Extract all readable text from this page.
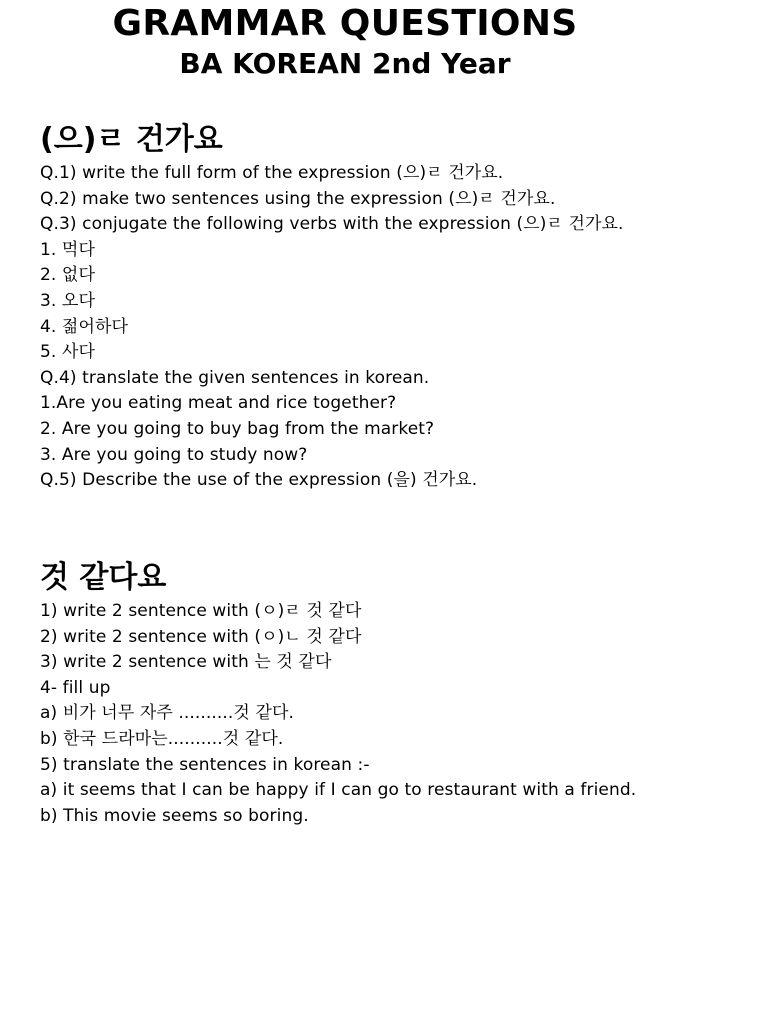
GRAMMAR QUESTIONS
BA KOREAN 2nd Year
(으)ㄹ 건가요
Q.1) write the full form of the expression (으)ㄹ 건가요.
Q.2) make two sentences using the expression (으)ㄹ 건가요.
Q.3) conjugate the following verbs with the expression (으)ㄹ 건가요.
1. 먹다
2. 없다
3. 오다
4. 젊어하다
5. 사다
Q.4) translate the given sentences in korean.
1.Are you eating meat and rice together?
2. Are you going to buy bag from the market?
3. Are you going to study now?
Q.5) Describe the use of the expression (을) 건가요.
것 같다요
1) write 2 sentence with (ㅇ)ㄹ 것 같다
2) write 2 sentence with (ㅇ)ㄴ 것 같다
3) write 2 sentence with 는 것 같다
4- fill up
a) 비가 너무 자주 ..........것 같다.
b) 한국 드라마는..........것 같다.
5) translate the sentences in korean :-
a) it seems that I can be happy if I can go to restaurant with a friend.
b) This movie seems so boring.
